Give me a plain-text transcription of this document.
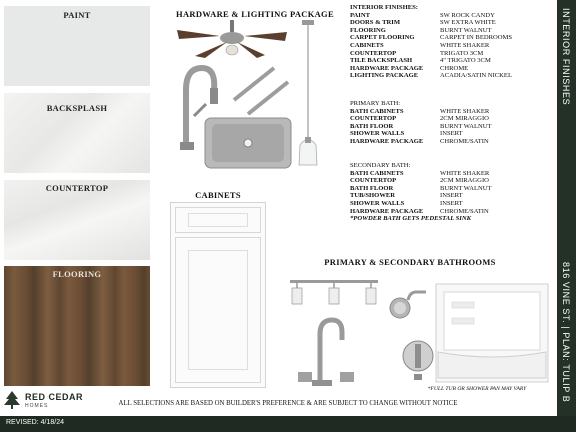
PAINT
BACKSPLASH
COUNTERTOP
FLOORING
RED CEDAR
HOMES
HARDWARE & LIGHTING PACKAGE
CABINETS
INTERIOR FINISHES:
PAINT	SW ROCK CANDY
DOORS & TRIM	SW EXTRA WHITE
FLOORING	BURNT WALNUT
CARPET FLOORING	CARPET IN BEDROOMS
CABINETS	WHITE SHAKER
COUNTERTOP	TRIGATO 3CM
TILE BACKSPLASH	4" TRIGATO 3CM
HARDWARE PACKAGE	CHROME
LIGHTING PACKAGE	ACADIA/SATIN NICKEL
PRIMARY BATH:
BATH CABINETS	WHITE SHAKER
COUNTERTOP	2CM MIRAGGIO
BATH FLOOR	BURNT WALNUT
SHOWER WALLS	INSERT
HARDWARE PACKAGE	CHROME/SATIN
SECONDARY BATH:
BATH CABINETS	WHITE SHAKER
COUNTERTOP	2CM MIRAGGIO
BATH FLOOR	BURNT WALNUT
TUB/SHOWER	INSERT
SHOWER WALLS	INSERT
HARDWARE PACKAGE	CHROME/SATIN
*POWDER BATH GETS PEDESTAL SINK
PRIMARY & SECONDARY BATHROOMS
*FULL TUB OR SHOWER PAN MAY VARY
ALL SELECTIONS ARE BASED ON BUILDER'S PREFERENCE & ARE SUBJECT TO CHANGE WITHOUT NOTICE
REVISED: 4/18/24
INTERIOR FINISHES
816 VINE ST. | PLAN: TULIP B
